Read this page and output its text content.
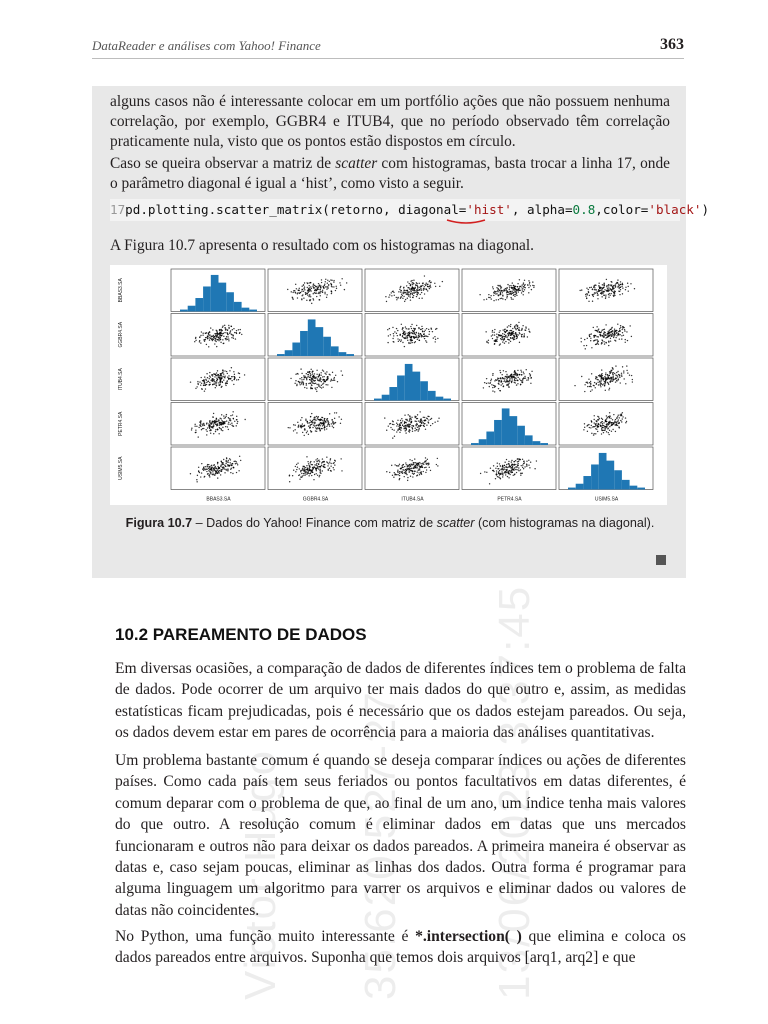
DataReader e análises com Yahoo! Finance	363
alguns casos não é interessante colocar em um portfólio ações que não possuem nenhuma correlação, por exemplo, GGBR4 e ITUB4, que no período observado têm correlação praticamente nula, visto que os pontos estão dispostos em círculo.
Caso se queira observar a matriz de scatter com histogramas, basta trocar a linha 17, onde o parâmetro diagonal é igual a ‘hist’, como visto a seguir.
17pd.plotting.scatter_matrix(retorno, diagonal='hist', alpha=0.8,color='black')
A Figura 10.7 apresenta o resultado com os histogramas na diagonal.
BBAS3.SA
GGBR4.SA
ITUB4.SA
PETR4.SA
USIM5.SA
BBAS3.SA	GGBR4.SA	ITUB4.SA	PETR4.SA	USIM5.SA
Figura 10.7 – Dados do Yahoo! Finance com matriz de scatter (com histogramas na diagonal).
10.2 PAREAMENTO DE DADOS
Em diversas ocasiões, a comparação de dados de diferentes índices tem o problema de falta de dados. Pode ocorrer de um arquivo ter mais dados do que outro e, assim, as medidas estatísticas ficam prejudicadas, pois é necessário que os dados estejam pareados. Ou seja, os dados devem estar em pares de ocorrência para a maioria das análises quantitativas.
Um problema bastante comum é quando se deseja comparar índices ou ações de diferentes países. Como cada país tem seus feriados ou pontos facultativos em datas diferentes, é comum deparar com o problema de que, ao final de um ano, um índice tenha mais valores do que outro. A resolução comum é eliminar dados em datas que uns mercados funcionaram e outros não para deixar os dados pareados. A primeira maneira é observar as datas e, caso sejam poucas, eliminar as linhas dos dados. Outra forma é programar para alguma linguagem um algoritmo para varrer os arquivos e eliminar dados ou valores de datas não coincidentes.
No Python, uma função muito interessante é *.intersection( ) que elimina e coloca os dados pareados entre arquivos. Suponha que temos dois arquivos [arq1, arq2] e que
Victor Hugo 35.620.527-27 13/06/2023 3:37:45
